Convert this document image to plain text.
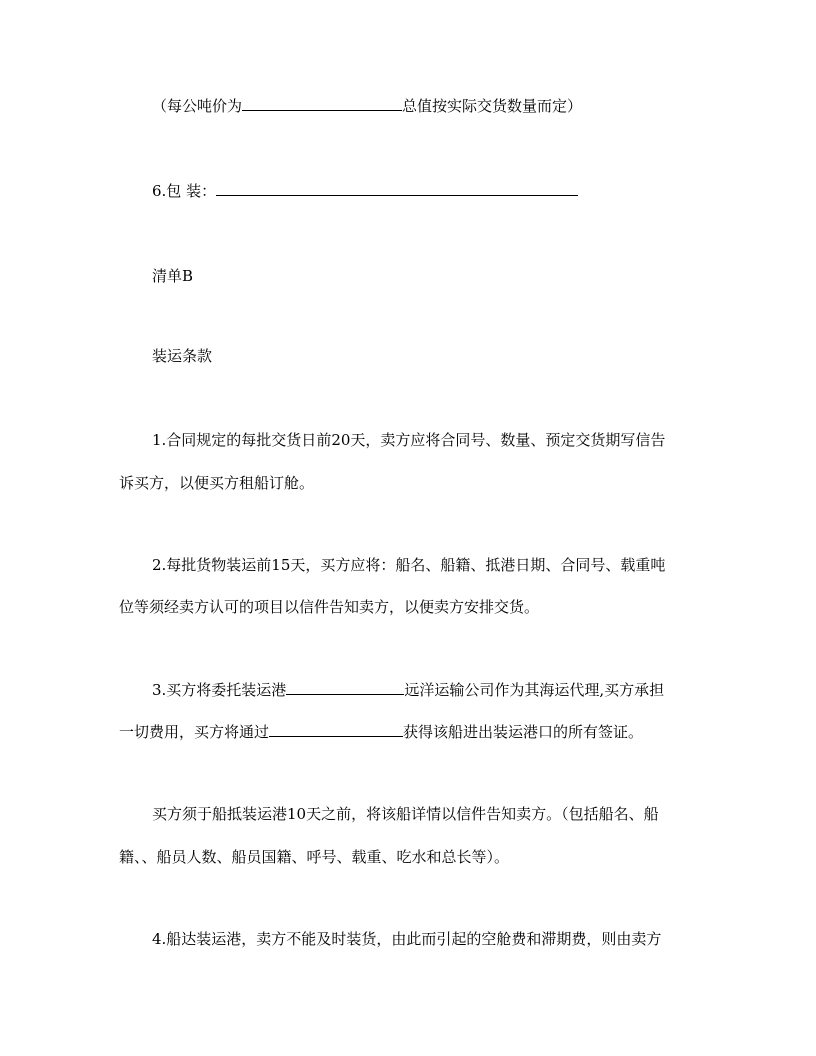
（每公吨价为	总值按实际交货数量而定）
6.包 装：
清单B
装运条款
1.合同规定的每批交货日前20天，卖方应将合同号、数量、预定交货期写信告
诉买方，以便买方租船订舱。
2.每批货物装运前15天，买方应将：船名、船籍、抵港日期、合同号、载重吨
位等须经卖方认可的项目以信件告知卖方，以便卖方安排交货。
3.买方将委托装运港	远洋运输公司作为其海运代理,买方承担
一切费用，买方将通过	获得该船进出装运港口的所有签证。
买方须于船抵装运港10天之前，将该船详情以信件告知卖方。（包括船名、船
籍、、船员人数、船员国籍、呼号、载重、吃水和总长等）。
4.船达装运港，卖方不能及时装货，由此而引起的空舱费和滞期费，则由卖方
